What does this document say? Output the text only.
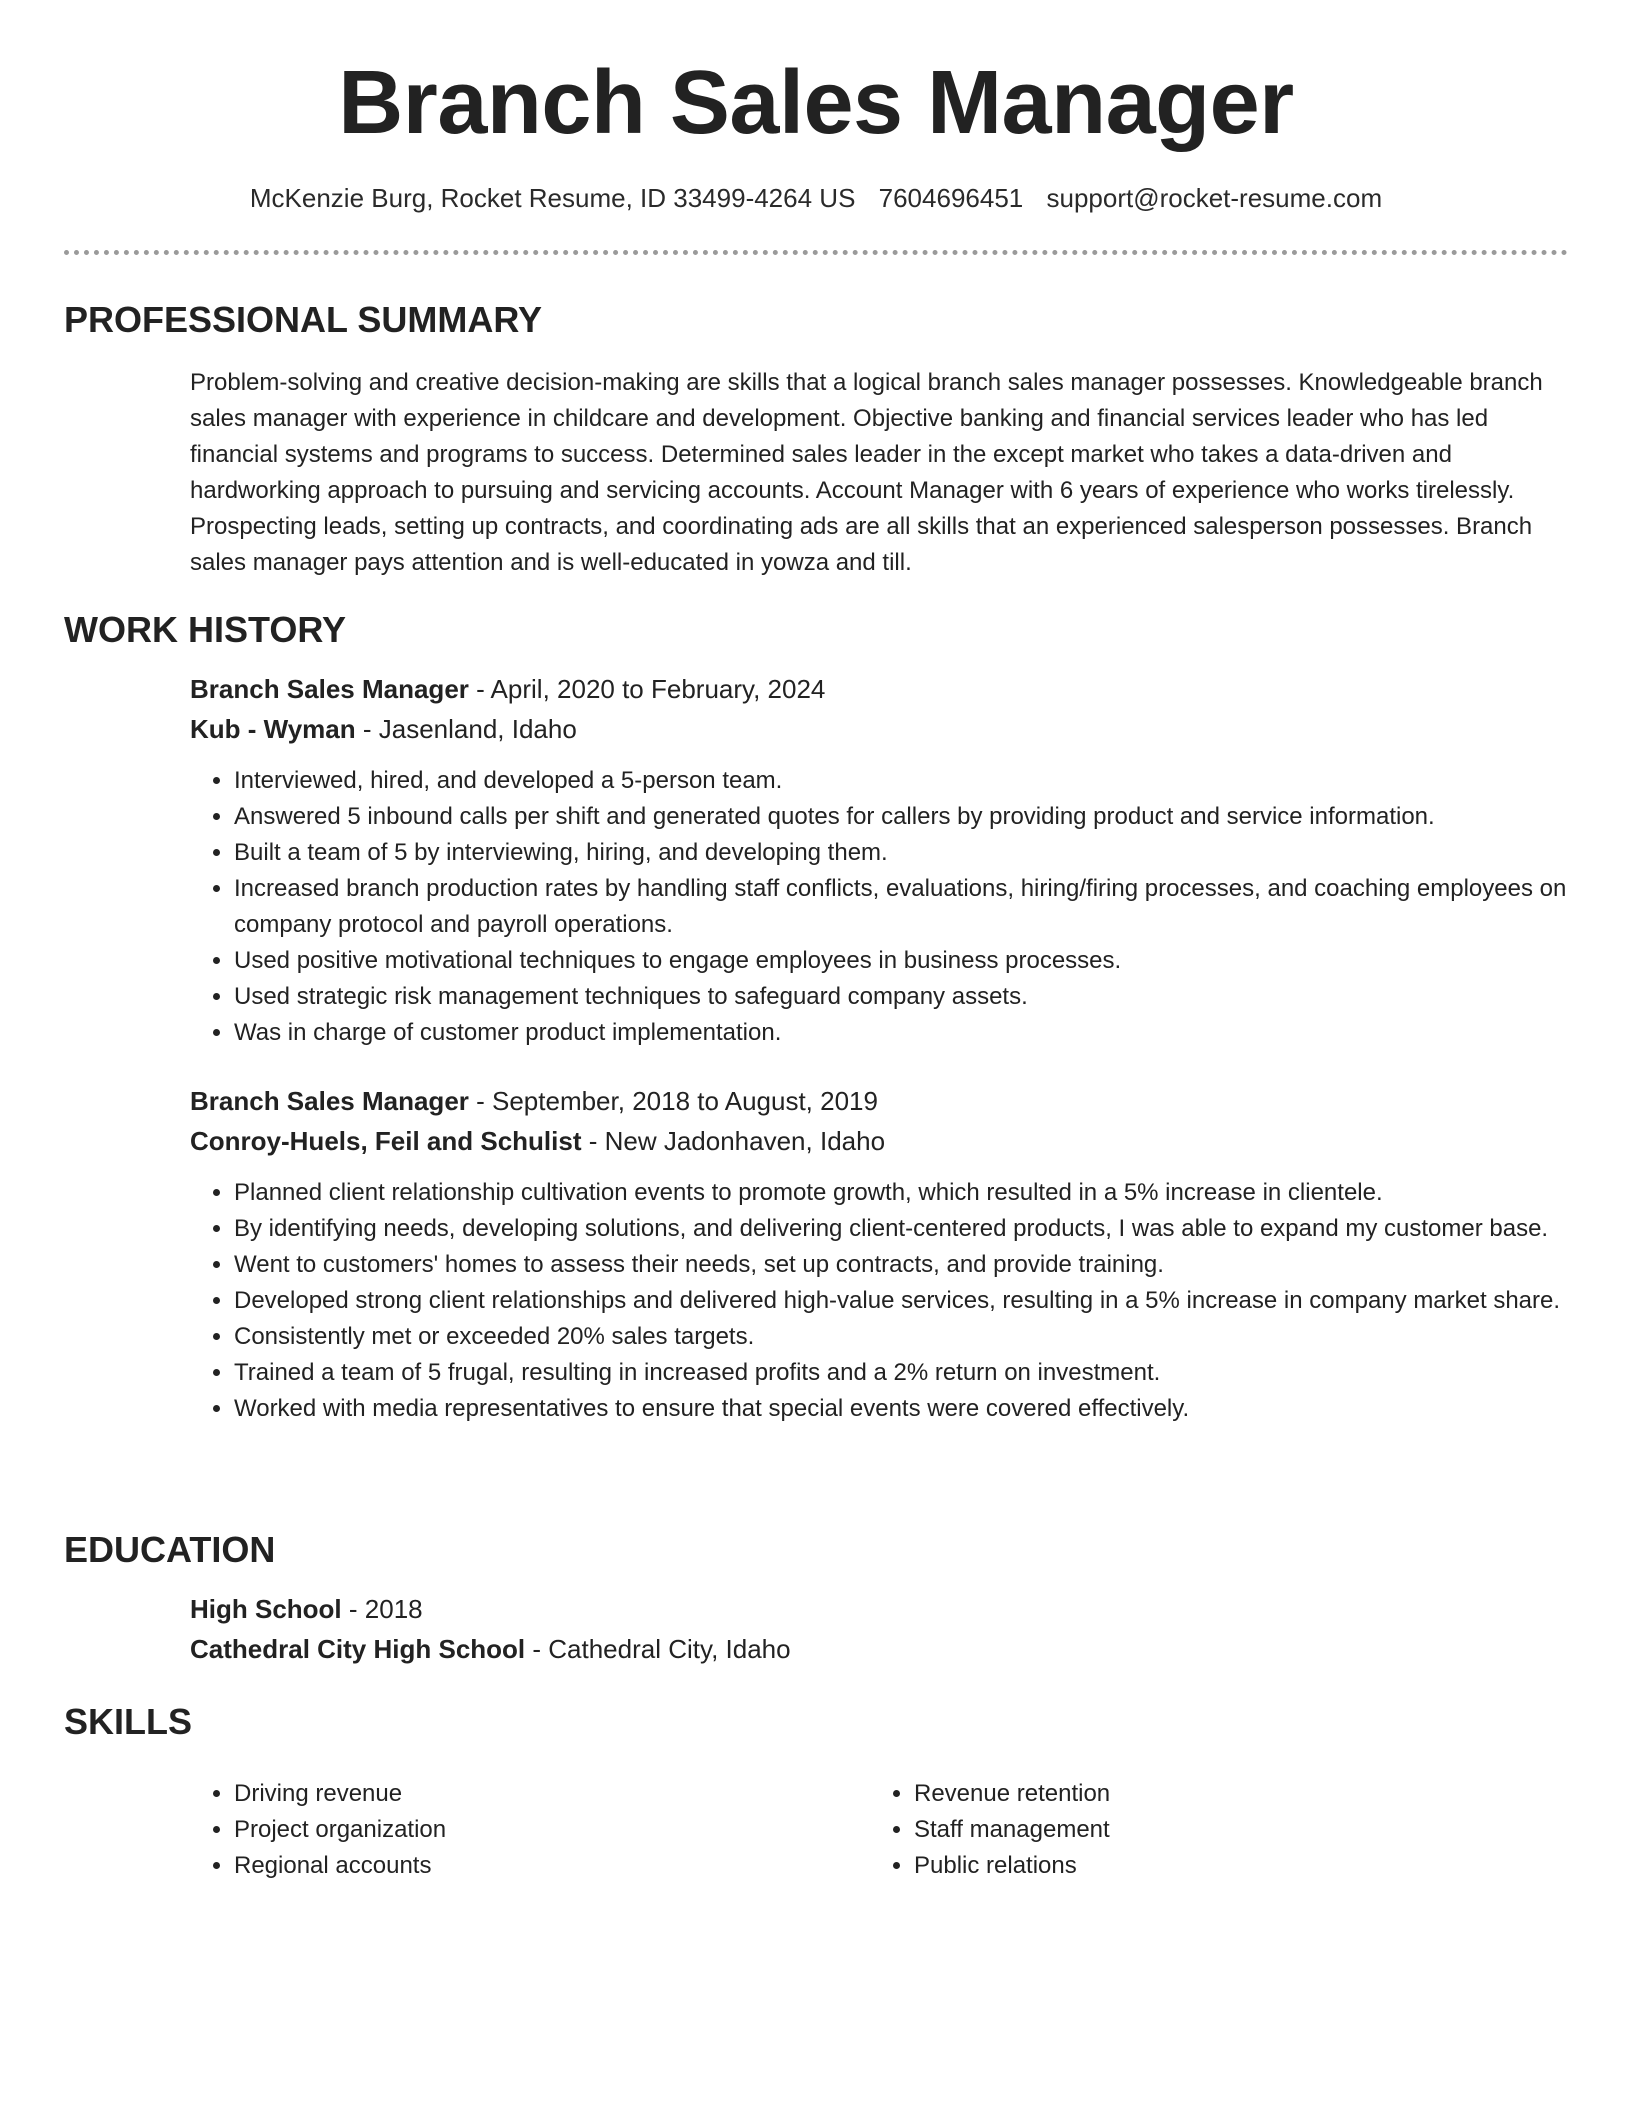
Branch Sales Manager
McKenzie Burg, Rocket Resume, ID 33499-4264 US 7604696451 support@rocket-resume.com
PROFESSIONAL SUMMARY

Problem-solving and creative decision-making are skills that a logical branch sales manager possesses. Knowledgeable branch sales manager with experience in childcare and development. Objective banking and financial services leader who has led financial systems and programs to success. Determined sales leader in the except market who takes a data-driven and hardworking approach to pursuing and servicing accounts. Account Manager with 6 years of experience who works tirelessly. Prospecting leads, setting up contracts, and coordinating ads are all skills that an experienced salesperson possesses. Branch sales manager pays attention and is well-educated in yowza and till.

WORK HISTORY
Branch Sales Manager - April, 2020 to February, 2024
Kub - Wyman - Jasenland, Idaho
• Interviewed, hired, and developed a 5-person team.
• Answered 5 inbound calls per shift and generated quotes for callers by providing product and service information.
• Built a team of 5 by interviewing, hiring, and developing them.
• Increased branch production rates by handling staff conflicts, evaluations, hiring/firing processes, and coaching employees on company protocol and payroll operations.
• Used positive motivational techniques to engage employees in business processes.
• Used strategic risk management techniques to safeguard company assets.
• Was in charge of customer product implementation.
Branch Sales Manager - September, 2018 to August, 2019
Conroy-Huels, Feil and Schulist - New Jadonhaven, Idaho
• Planned client relationship cultivation events to promote growth, which resulted in a 5% increase in clientele.
• By identifying needs, developing solutions, and delivering client-centered products, I was able to expand my customer base.
• Went to customers' homes to assess their needs, set up contracts, and provide training.
• Developed strong client relationships and delivered high-value services, resulting in a 5% increase in company market share.
• Consistently met or exceeded 20% sales targets.
• Trained a team of 5 frugal, resulting in increased profits and a 2% return on investment.
• Worked with media representatives to ensure that special events were covered effectively.
EDUCATION
High School - 2018
Cathedral City High School - Cathedral City, Idaho
SKILLS
• Driving revenue
• Project organization
• Regional accounts
• Revenue retention
• Staff management
• Public relations
